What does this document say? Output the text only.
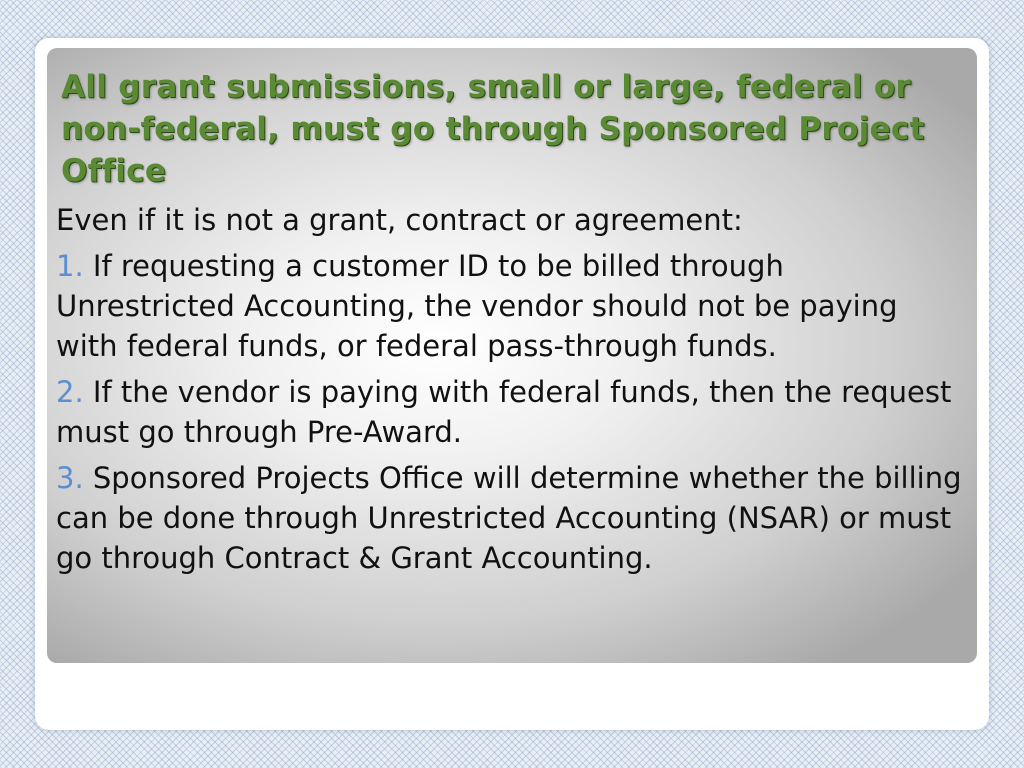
All grant submissions, small or large, federal or non-federal, must go through Sponsored Project Office

Even if it is not a grant, contract or agreement:

1. If requesting a customer ID to be billed through Unrestricted Accounting, the vendor should not be paying with federal funds, or federal pass-through funds.

2. If the vendor is paying with federal funds, then the request must go through Pre-Award.

3. Sponsored Projects Office will determine whether the billing can be done through Unrestricted Accounting (NSAR) or must go through Contract & Grant Accounting.
